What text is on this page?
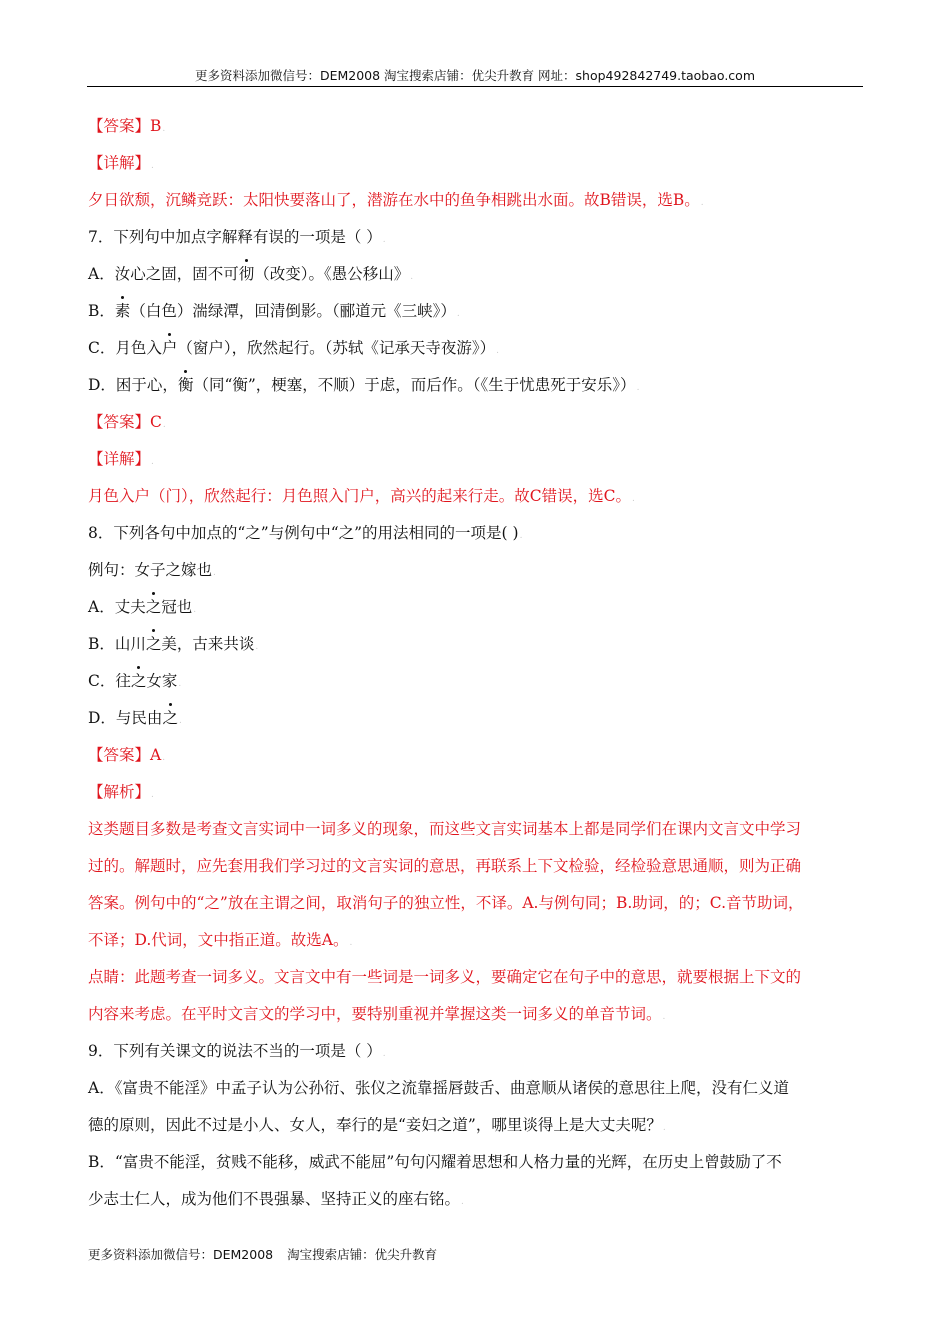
更多资料添加微信号：DEM2008 淘宝搜索店铺：优尖升教育 网址：shop492842749.taobao.com
【答案】B.
【详解】.
夕日欲颓，沉鳞竞跃：太阳快要落山了，潜游在水中的鱼争相跳出水面。故B错误，选B。.
7．下列句中加点字解释有误的一项是（ ）.
A．汝心之固，固不可彻（改变）。《愚公移山》.
B．素（白色）湍绿潭，回清倒影。（郦道元《三峡》）.
C．月色入户（窗户），欣然起行。（苏轼《记承天寺夜游》）.
D．困于心，衡（同“衡”，梗塞，不顺）于虑，而后作。（《生于忧患死于安乐》）.
【答案】C.
【详解】.
月色入户（门），欣然起行：月色照入门户，高兴的起来行走。故C错误，选C。.
8．下列各句中加点的“之”与例句中“之”的用法相同的一项是( ).
例句：女子之嫁也.
A．丈夫之冠也.
B．山川之美，古来共谈.
C．往之女家.
D．与民由之.
【答案】A.
【解析】.
这类题目多数是考查文言实词中一词多义的现象，而这些文言实词基本上都是同学们在课内文言文中学习
过的。解题时，应先套用我们学习过的文言实词的意思，再联系上下文检验，经检验意思通顺，则为正确
答案。例句中的“之”放在主谓之间，取消句子的独立性，不译。A.与例句同；B.助词，的；C.音节助词，
不译；D.代词，文中指正道。故选A。.
点睛：此题考查一词多义。文言文中有一些词是一词多义，要确定它在句子中的意思，就要根据上下文的
内容来考虑。在平时文言文的学习中，要特别重视并掌握这类一词多义的单音节词。.
9．下列有关课文的说法不当的一项是（ ）.
A．《富贵不能淫》中孟子认为公孙衍、张仪之流靠摇唇鼓舌、曲意顺从诸侯的意思往上爬，没有仁义道
德的原则，因此不过是小人、女人，奉行的是“妾妇之道”，哪里谈得上是大丈夫呢？.
B．“富贵不能淫，贫贱不能移，威武不能屈”句句闪耀着思想和人格力量的光辉，在历史上曾鼓励了不
少志士仁人，成为他们不畏强暴、坚持正义的座右铭。.
更多资料添加微信号：DEM2008 淘宝搜索店铺：优尖升教育
